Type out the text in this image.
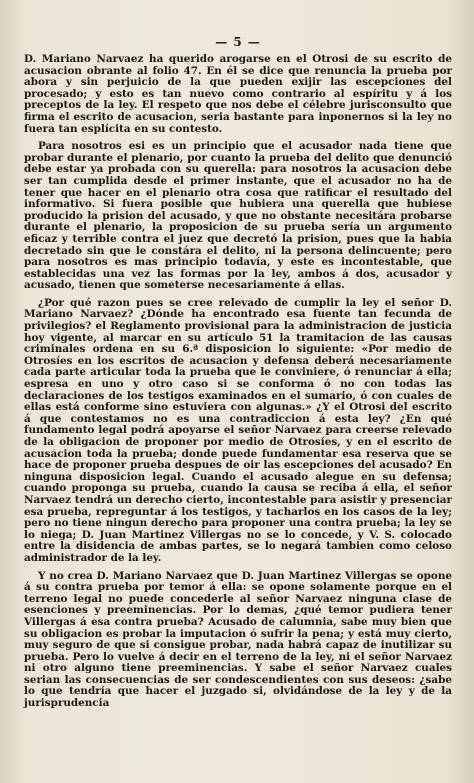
— 5 —

D. Mariano Narvaez ha querido arogarse en el Otrosi de su escrito de acusacion obrante al folio 47. En él se dice que renuncia la prueba por abora y sin perjuicio de la que pueden exijir las escepciones del procesado; y esto es tan nuevo como contrario al espíritu y á los preceptos de la ley. El respeto que nos debe el célebre jurisconsulto que firma el escrito de acusacion, seria bastante para inponernos si la ley no fuera tan esplícita en su contesto.

Para nosotros esi es un principio que el acusador nada tiene que probar durante el plenario, por cuanto la prueba del delito que denunció debe estar ya probada con su querella: para nosotros la acusacion debe ser tan cumplida desde el primer instante, que el acusador no ha de tener que hacer en el plenario otra cosa que ratificar el resultado del informativo. Si fuera posible que hubiera una querella que hubiese producido la prision del acusado, y que no obstante necesitára probarse durante el plenario, la proposicion de su prueba sería un argumento eficaz y terrible contra el juez que decretó la prision, pues que la habia decretado sin que le constára el delito, ni la persona delincuente; pero para nosotros es mas principio todavía, y este es incontestable, que establecidas una vez las formas por la ley, ambos á dos, acusador y acusado, tienen que someterse necesariamente á ellas.

¿Por qué razon pues se cree relevado de cumplir la ley el señor D. Mariano Narvaez? ¿Dónde ha encontrado esa fuente tan fecunda de privilegios? el Reglamento provisional para la administracion de justicia hoy vigente, al marcar en su artículo 51 la tramitacion de las causas criminales ordena en su 6.ª disposicion lo siguiente: «Por medio de Otrosíes en los escritos de acusacion y defensa deberá necesariamente cada parte articular toda la prueba que le conviniere, ó renunciar á ella; espresa en uno y otro caso si se conforma ó no con todas las declaraciones de los testigos examinados en el sumario, ó con cuales de ellas está conforme sino estuviera con algunas.» ¿Y el Otrosi del escrito á que contestamos no es una contradiccion á esta ley? ¿En qué fundamento legal podrá apoyarse el señor Narvaez para creerse relevado de la obligacion de proponer por medio de Otrosíes, y en el escrito de acusacion toda la prueba; donde puede fundamentar esa reserva que se hace de proponer prueba despues de oir las escepciones del acusado? En ninguna disposicion legal. Cuando el acusado alegue en su defensa; cuando proponga su prueba, cuando la causa se reciba á ella, el señor Narvaez tendrá un derecho cierto, incontestable para asistir y presenciar esa prueba, repreguntar á los testigos, y tacharlos en los casos de la ley; pero no tiene ningun derecho para proponer una contra prueba; la ley se lo niega; D. Juan Martinez Villergas no se lo concede, y V. S. colocado entre la disidencia de ambas partes, se lo negará tambien como celoso administrador de la ley.

Y no crea D. Mariano Narvaez que D. Juan Martinez Villergas se opone á su contra prueba por temor á ella: se opone solamente porque en el terreno legal no puede concederle al señor Narvaez ninguna clase de esenciones y preeminencias. Por lo demas, ¿qué temor pudiera tener Villergas á esa contra prueba? Acusado de calumnia, sabe muy bien que su obligacion es probar la imputacion ó sufrir la pena; y está muy cierto, muy seguro de que si consigue probar, nada habrá capaz de inutilizar su prueba. Pero lo vuelve á decir en el terreno de la ley, ni el señor Narvaez ni otro alguno tiene preeminencias. Y sabe el señor Narvaez cuales serian las consecuencias de ser condescendientes con sus deseos: ¿sabe lo que tendría que hacer el juzgado si, olvidándose de la ley y de la jurisprudencia
